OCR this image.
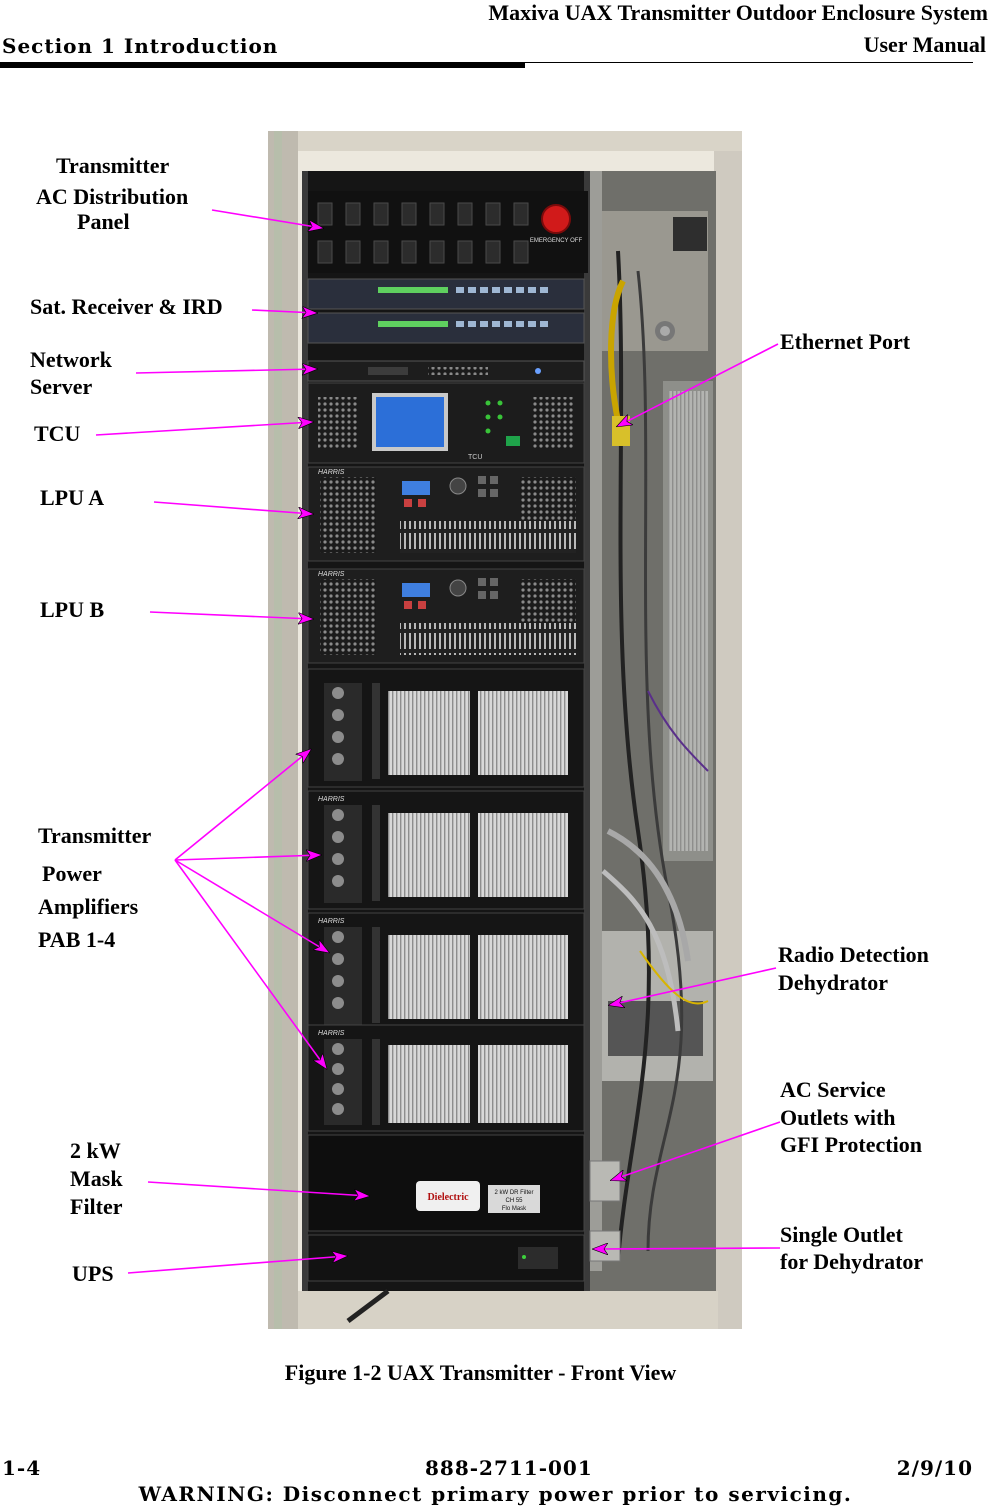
Maxiva UAX Transmitter Outdoor Enclosure System
Section 1 Introduction	User Manual
EMERGENCY OFF
TCU
HARRIS
HARRIS
HARRIS
HARRIS
HARRIS
Dielectric	2 kW DR Filter
CH 55
Flo Mask
Transmitter
AC Distribution
Panel
Sat. Receiver & IRD
Network
Server
TCU
LPU A
LPU B
Transmitter
Power
Amplifiers
PAB 1-4
2 kW
Mask
Filter
UPS
Ethernet Port
Radio Detection
Dehydrator
AC Service
Outlets with
GFI Protection
Single Outlet
for Dehydrator
Figure 1-2 UAX Transmitter - Front View
1-4	888-2711-001	2/9/10
WARNING: Disconnect primary power prior to servicing.
